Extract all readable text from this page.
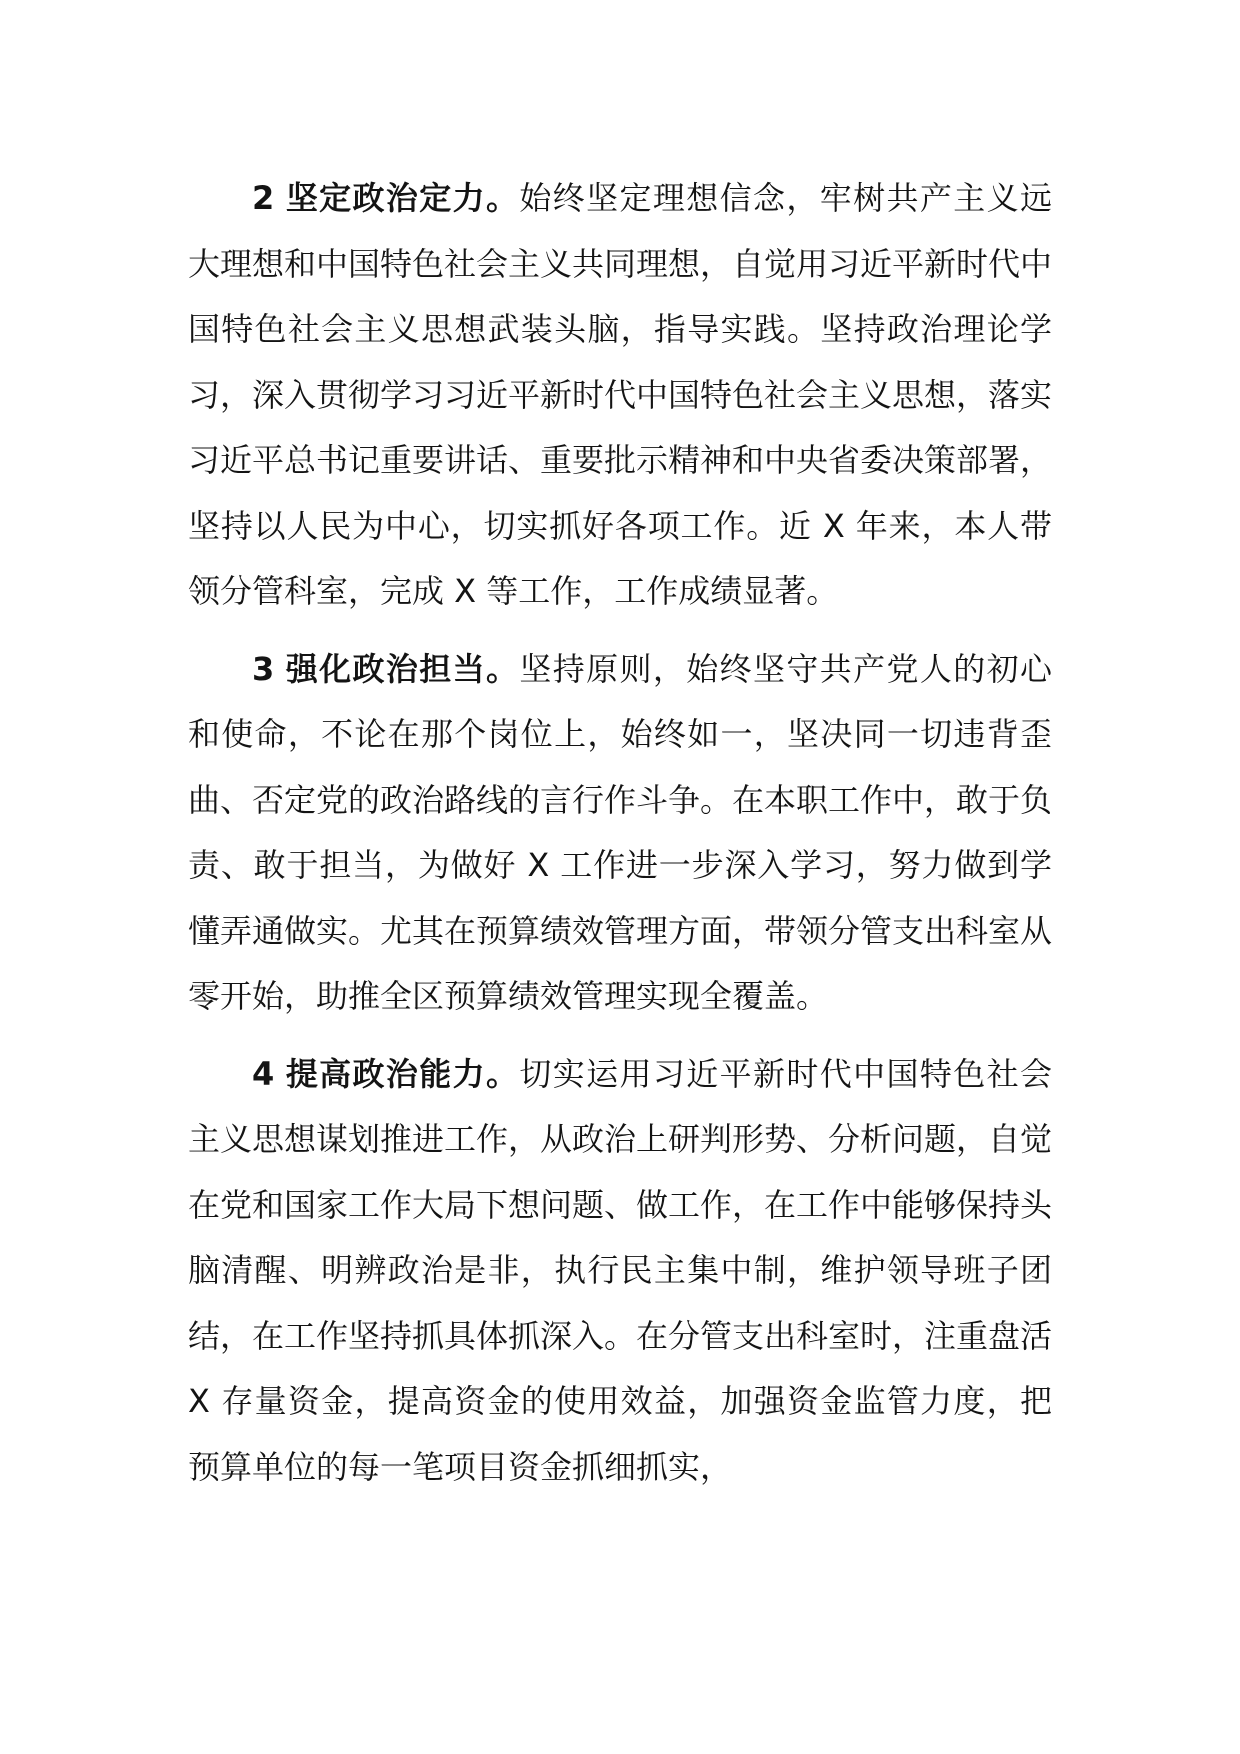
2 坚定政治定力。始终坚定理想信念，牢树共产主义远大理想和中国特色社会主义共同理想，自觉用习近平新时代中国特色社会主义思想武装头脑，指导实践。坚持政治理论学习，深入贯彻学习习近平新时代中国特色社会主义思想，落实习近平总书记重要讲话、重要批示精神和中央省委决策部署，坚持以人民为中心，切实抓好各项工作。近 X 年来，本人带领分管科室，完成 X 等工作，工作成绩显著。

3 强化政治担当。坚持原则，始终坚守共产党人的初心和使命，不论在那个岗位上，始终如一，坚决同一切违背歪曲、否定党的政治路线的言行作斗争。在本职工作中，敢于负责、敢于担当，为做好 X 工作进一步深入学习，努力做到学懂弄通做实。尤其在预算绩效管理方面，带领分管支出科室从零开始，助推全区预算绩效管理实现全覆盖。

4 提高政治能力。切实运用习近平新时代中国特色社会主义思想谋划推进工作，从政治上研判形势、分析问题，自觉在党和国家工作大局下想问题、做工作，在工作中能够保持头脑清醒、明辨政治是非，执行民主集中制，维护领导班子团结，在工作坚持抓具体抓深入。在分管支出科室时，注重盘活 X 存量资金，提高资金的使用效益，加强资金监管力度，把预算单位的每一笔项目资金抓细抓实，
